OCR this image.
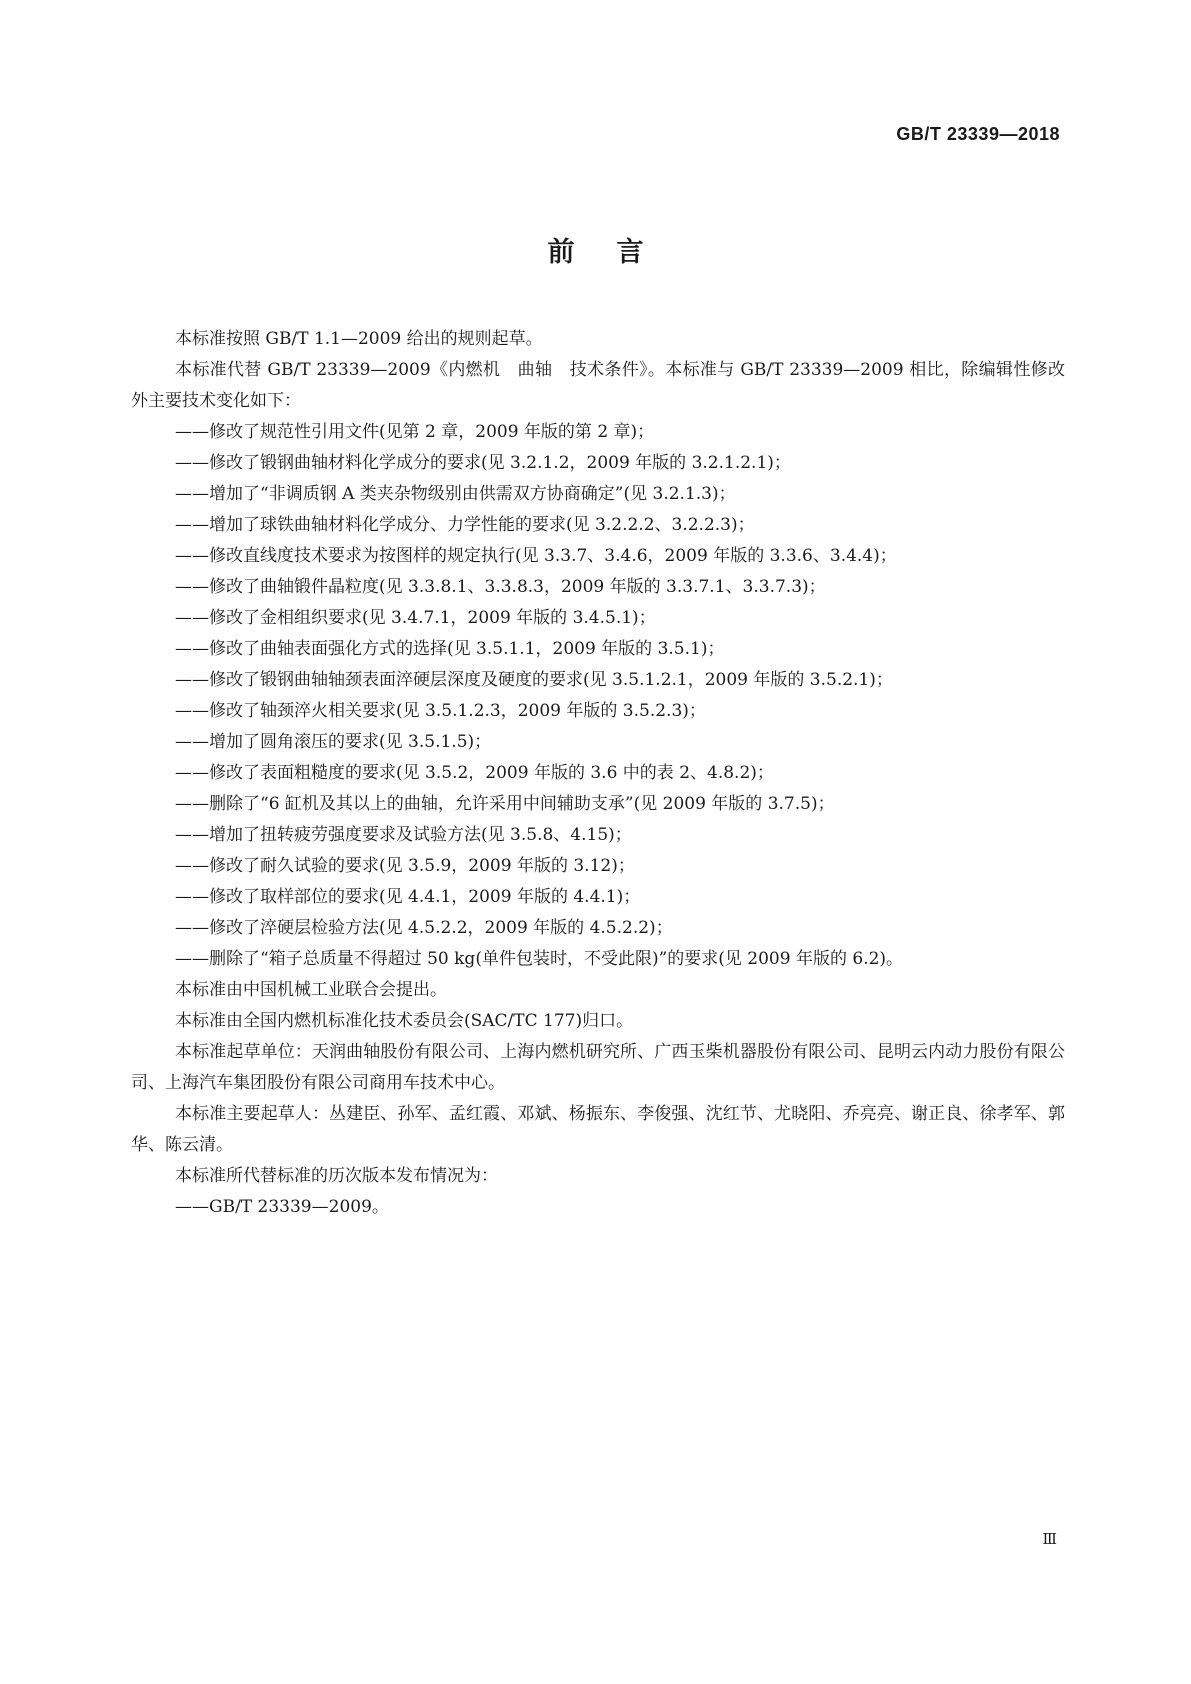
GB/T 23339—2018
前言

本标准按照 GB/T 1.1—2009 给出的规则起草。

本标准代替 GB/T 23339—2009《内燃机　曲轴　技术条件》。本标准与 GB/T 23339—2009 相比，除编辑性修改外主要技术变化如下：

——修改了规范性引用文件(见第 2 章，2009 年版的第 2 章)；

——修改了锻钢曲轴材料化学成分的要求(见 3.2.1.2，2009 年版的 3.2.1.2.1)；

——增加了“非调质钢 A 类夹杂物级别由供需双方协商确定”(见 3.2.1.3)；

——增加了球铁曲轴材料化学成分、力学性能的要求(见 3.2.2.2、3.2.2.3)；

——修改直线度技术要求为按图样的规定执行(见 3.3.7、3.4.6，2009 年版的 3.3.6、3.4.4)；

——修改了曲轴锻件晶粒度(见 3.3.8.1、3.3.8.3，2009 年版的 3.3.7.1、3.3.7.3)；

——修改了金相组织要求(见 3.4.7.1，2009 年版的 3.4.5.1)；

——修改了曲轴表面强化方式的选择(见 3.5.1.1，2009 年版的 3.5.1)；

——修改了锻钢曲轴轴颈表面淬硬层深度及硬度的要求(见 3.5.1.2.1，2009 年版的 3.5.2.1)；

——修改了轴颈淬火相关要求(见 3.5.1.2.3，2009 年版的 3.5.2.3)；

——增加了圆角滚压的要求(见 3.5.1.5)；

——修改了表面粗糙度的要求(见 3.5.2，2009 年版的 3.6 中的表 2、4.8.2)；

——删除了“6 缸机及其以上的曲轴，允许采用中间辅助支承”(见 2009 年版的 3.7.5)；

——增加了扭转疲劳强度要求及试验方法(见 3.5.8、4.15)；

——修改了耐久试验的要求(见 3.5.9，2009 年版的 3.12)；

——修改了取样部位的要求(见 4.4.1，2009 年版的 4.4.1)；

——修改了淬硬层检验方法(见 4.5.2.2，2009 年版的 4.5.2.2)；

——删除了“箱子总质量不得超过 50 kg(单件包装时，不受此限)”的要求(见 2009 年版的 6.2)。

本标准由中国机械工业联合会提出。

本标准由全国内燃机标准化技术委员会(SAC/TC 177)归口。

本标准起草单位：天润曲轴股份有限公司、上海内燃机研究所、广西玉柴机器股份有限公司、昆明云内动力股份有限公司、上海汽车集团股份有限公司商用车技术中心。

本标准主要起草人：丛建臣、孙军、孟红霞、邓斌、杨振东、李俊强、沈红节、尤晓阳、乔亮亮、谢正良、徐孝军、郭华、陈云清。

本标准所代替标准的历次版本发布情况为：

——GB/T 23339—2009。

Ⅲ
